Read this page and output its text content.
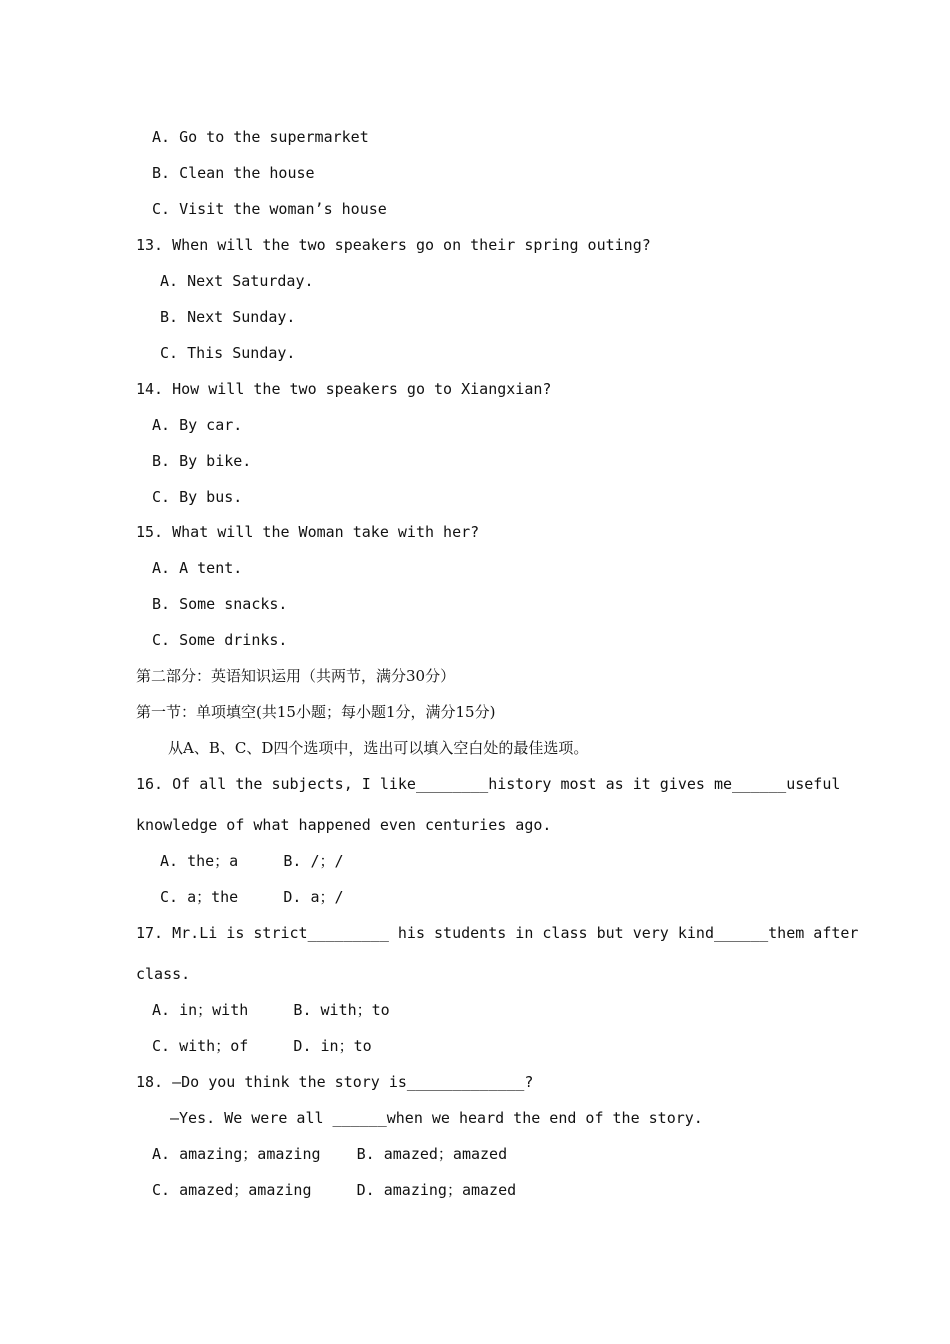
A. Go to the supermarket
B. Clean the house
C. Visit the woman’s house
13. When will the two speakers go on their spring outing?
A. Next Saturday.
B. Next Sunday.
C. This Sunday.
14. How will the two speakers go to Xiangxian?
A. By car.
B. By bike.
C. By bus.
15. What will the Woman take with her?
A. A tent.
B. Some snacks.
C. Some drinks.
第二部分：英语知识运用（共两节，满分30分）
第一节：单项填空(共15小题；每小题1分，满分15分)
从A、B、C、D四个选项中，选出可以填入空白处的最佳选项。
16. Of all the subjects, I like________history most as it gives me______useful
knowledge of what happened even centuries ago.
A. the；a     B. /；/
C. a；the     D. a；/
17. Mr.Li is strict_________ his students in class but very kind______them after
class.
A. in；with     B. with；to
C. with；of     D. in；to
18. —Do you think the story is_____________?
—Yes. We were all ______when we heard the end of the story.
A. amazing；amazing    B. amazed；amazed
C. amazed；amazing     D. amazing；amazed
